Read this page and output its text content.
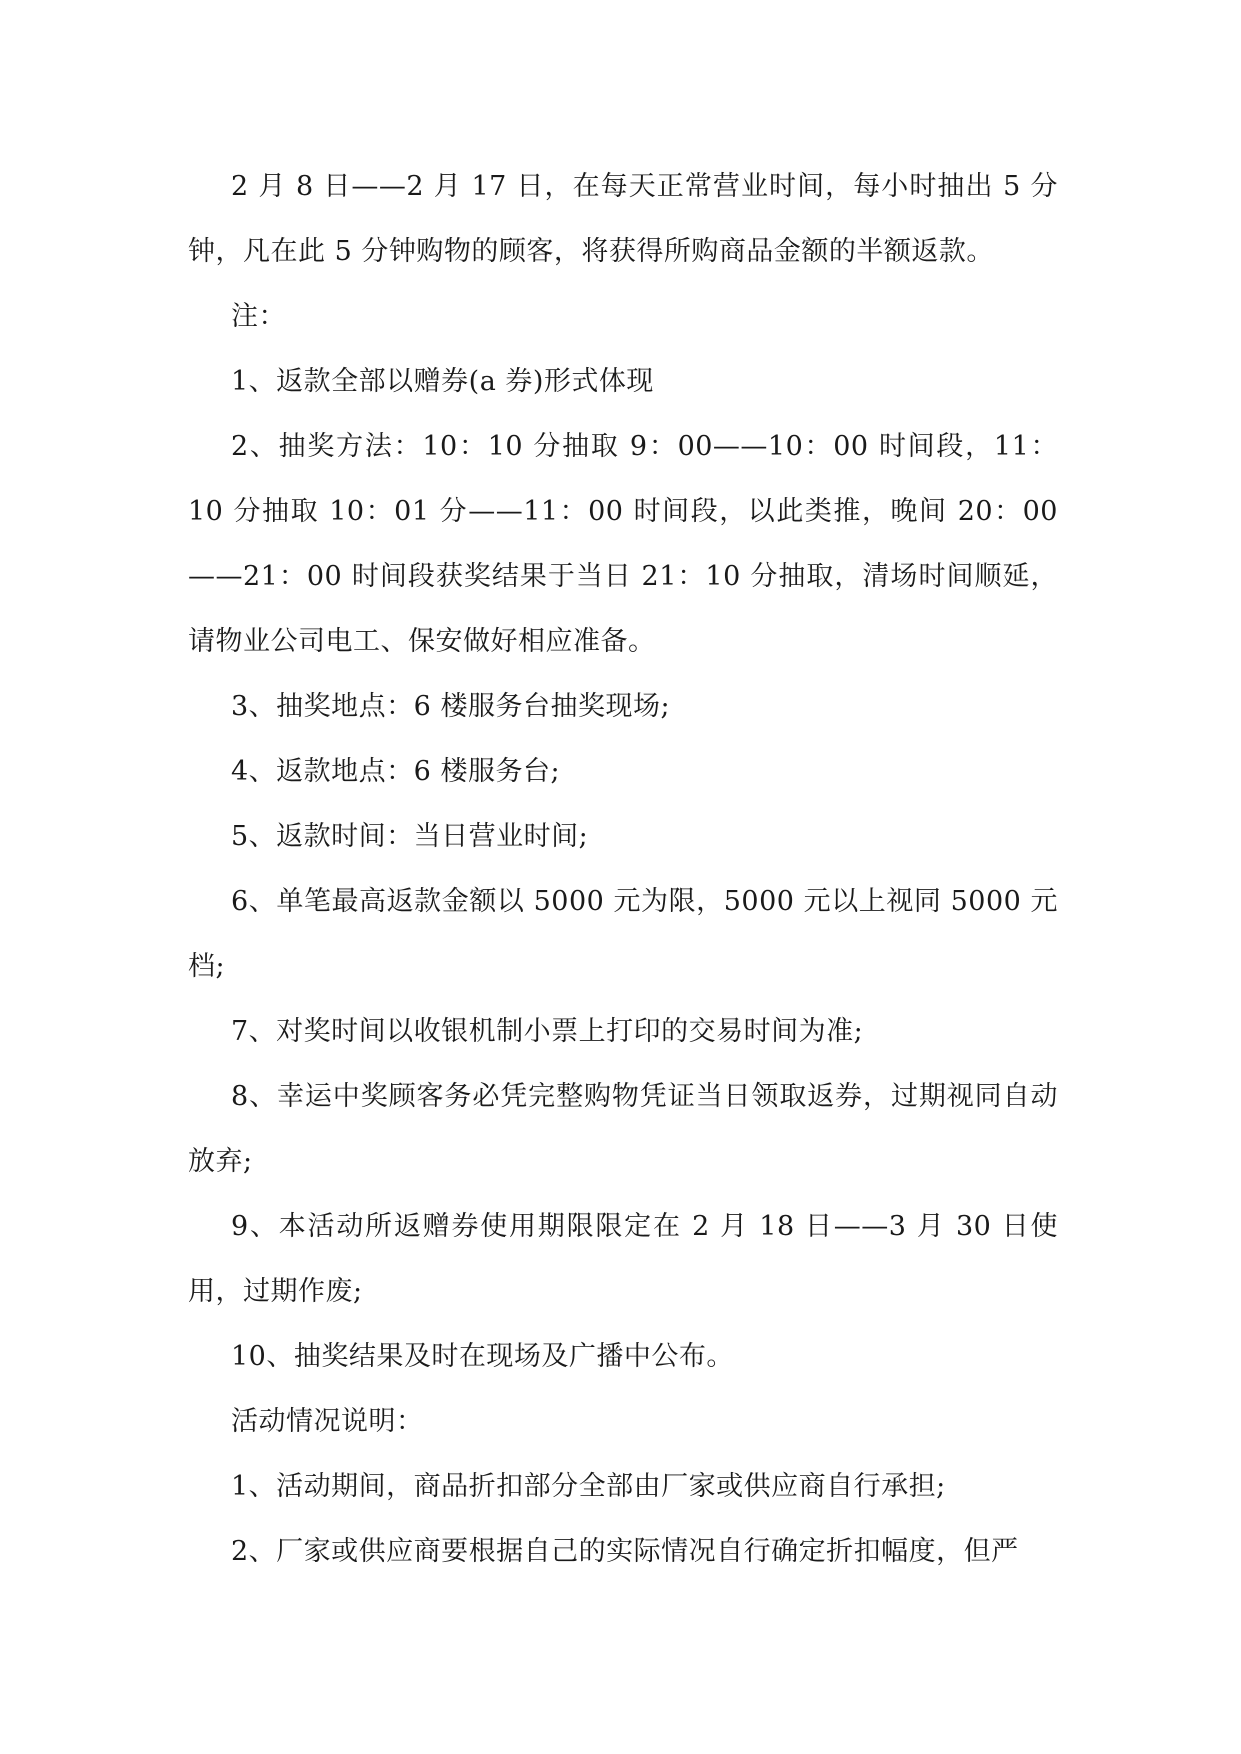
2 月 8 日——2 月 17 日，在每天正常营业时间，每小时抽出 5 分钟，凡在此 5 分钟购物的顾客，将获得所购商品金额的半额返款。

注：

1、返款全部以赠券(a 券)形式体现

2、抽奖方法：10：10 分抽取 9：00——10：00 时间段，11：10 分抽取 10：01 分——11：00 时间段，以此类推，晚间 20：00——21：00 时间段获奖结果于当日 21：10 分抽取，清场时间顺延，请物业公司电工、保安做好相应准备。

3、抽奖地点：6 楼服务台抽奖现场;

4、返款地点：6 楼服务台;

5、返款时间：当日营业时间;

6、单笔最高返款金额以 5000 元为限，5000 元以上视同 5000 元档;

7、对奖时间以收银机制小票上打印的交易时间为准;

8、幸运中奖顾客务必凭完整购物凭证当日领取返券，过期视同自动放弃;

9、本活动所返赠券使用期限限定在 2 月 18 日——3 月 30 日使用，过期作废;

10、抽奖结果及时在现场及广播中公布。

活动情况说明：

1、活动期间，商品折扣部分全部由厂家或供应商自行承担;

2、厂家或供应商要根据自己的实际情况自行确定折扣幅度，但严
